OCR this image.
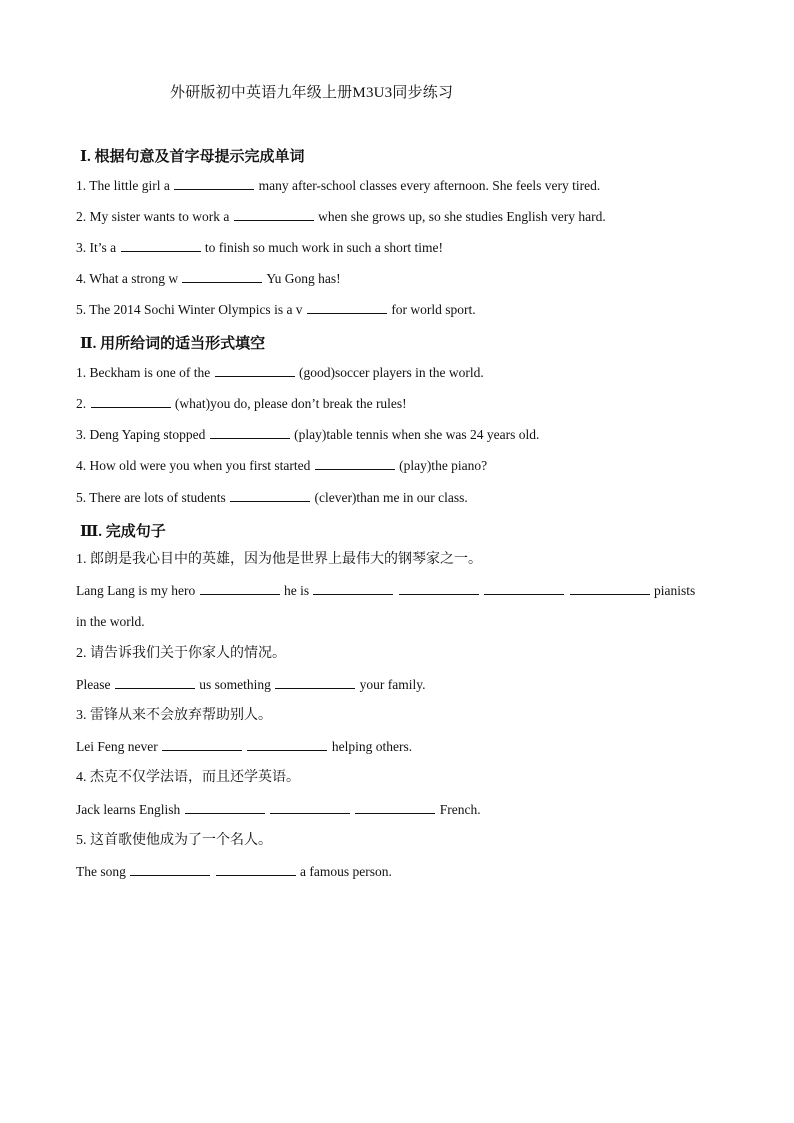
外研版初中英语九年级上册M3U3同步练习
Ⅰ. 根据句意及首字母提示完成单词
1. The little girl a	many after-school classes every afternoon. She feels very tired.
2. My sister wants to work a	when she grows up, so she studies English very hard.
3. It’s a	to finish so much work in such a short time!
4. What a strong w	Yu Gong has!
5. The 2014 Sochi Winter Olympics is a v	for world sport.
Ⅱ. 用所给词的适当形式填空
1. Beckham is one of the	(good)soccer players in the world.
2.	(what)you do, please don’t break the rules!
3. Deng Yaping stopped	(play)table tennis when she was 24 years old.
4. How old were you when you first started	(play)the piano?
5. There are lots of students	(clever)than me in our class.
Ⅲ. 完成句子
1. 郎朗是我心目中的英雄，因为他是世界上最伟大的钢琴家之一。
Lang Lang is my hero	he is	pianists
in the world.
2. 请告诉我们关于你家人的情况。
Please	us something	your family.
3. 雷锋从来不会放弃帮助别人。
Lei Feng never	helping others.
4. 杰克不仅学法语，而且还学英语。
Jack learns English	French.
5. 这首歌使他成为了一个名人。
The song	a famous person.
